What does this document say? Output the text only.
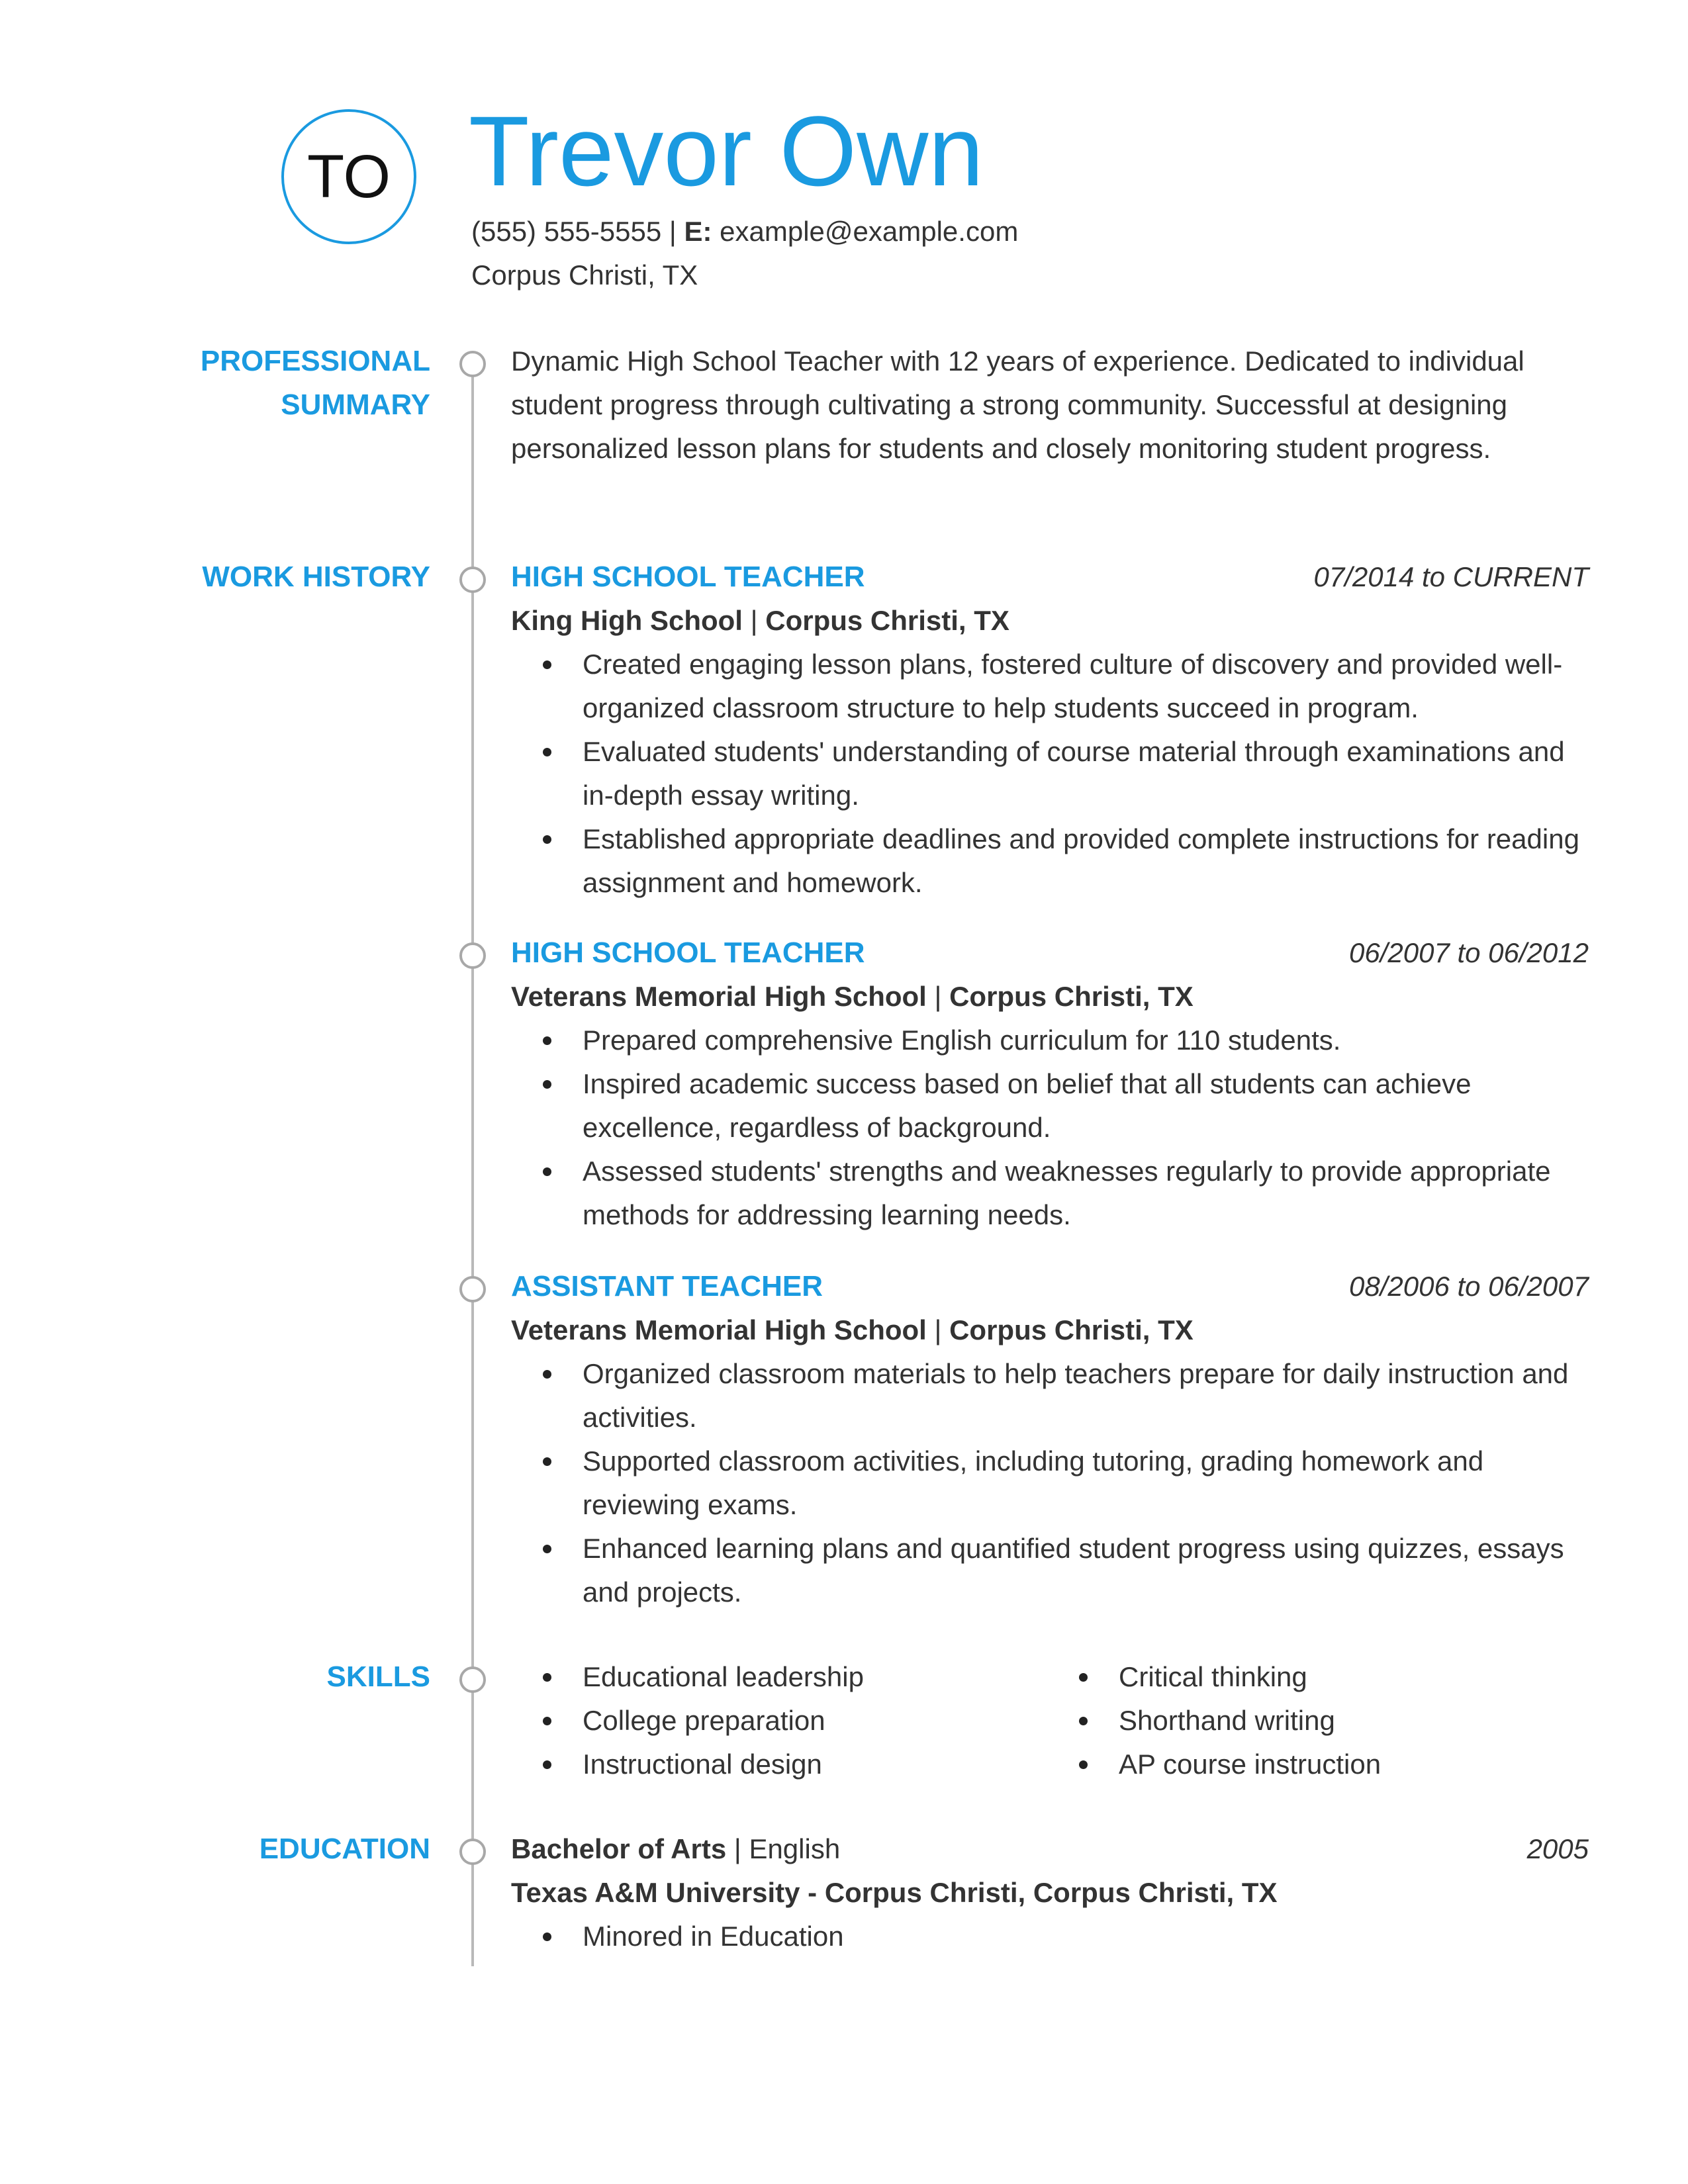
TO Trevor Own
(555) 555-5555 | E: example@example.com
Corpus Christi, TX
PROFESSIONAL
SUMMARY
WORK HISTORY
SKILLS
EDUCATION
Dynamic High School Teacher with 12 years of experience. Dedicated to individual student progress through cultivating a strong community. Successful at designing personalized lesson plans for students and closely monitoring student progress.
HIGH SCHOOL TEACHER	07/2014 to CURRENT
King High School | Corpus Christi, TX
Created engaging lesson plans, fostered culture of discovery and provided well-organized classroom structure to help students succeed in program.
Evaluated students' understanding of course material through examinations and in-depth essay writing.
Established appropriate deadlines and provided complete instructions for reading assignment and homework.
HIGH SCHOOL TEACHER	06/2007 to 06/2012
Veterans Memorial High School | Corpus Christi, TX
Prepared comprehensive English curriculum for 110 students.
Inspired academic success based on belief that all students can achieve excellence, regardless of background.
Assessed students' strengths and weaknesses regularly to provide appropriate methods for addressing learning needs.
ASSISTANT TEACHER	08/2006 to 06/2007
Veterans Memorial High School | Corpus Christi, TX
Organized classroom materials to help teachers prepare for daily instruction and activities.
Supported classroom activities, including tutoring, grading homework and reviewing exams.
Enhanced learning plans and quantified student progress using quizzes, essays and projects.
Educational leadership
College preparation
Instructional design
Critical thinking
Shorthand writing
AP course instruction
Bachelor of Arts | English	2005
Texas A&M University - Corpus Christi, Corpus Christi, TX
Minored in Education
